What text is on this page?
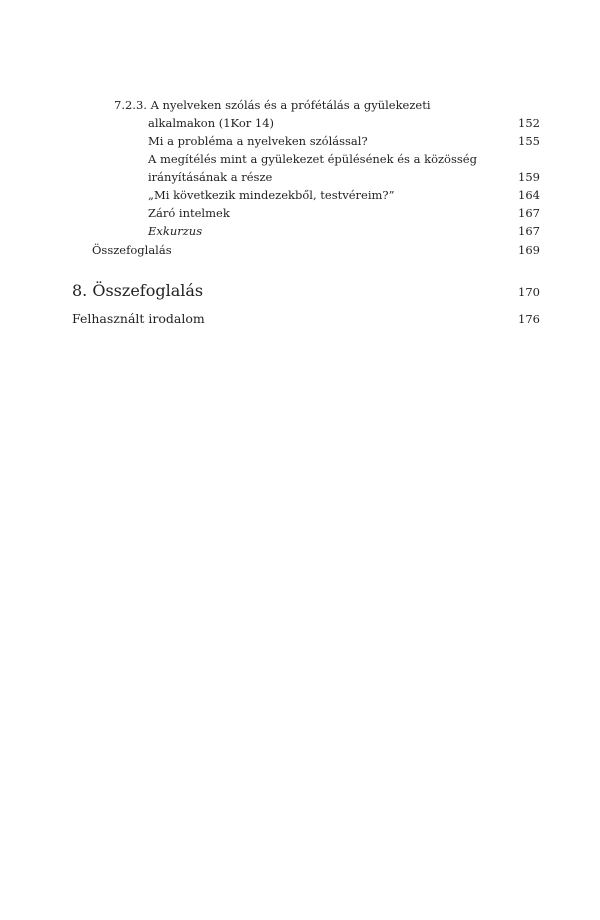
7.2.3. A nyelveken szólás és a prófétálás a gyülekezeti
alkalmakon (1Kor 14)	152
Mi a probléma a nyelveken szólással?	155
A megítélés mint a gyülekezet épülésének és a közösség
irányításának a része	159
„Mi következik mindezekből, testvéreim?”	164
Záró intelmek	167
Exkurzus	167
Összefoglalás	169
8. Összefoglalás	170
Felhasznált irodalom	176
